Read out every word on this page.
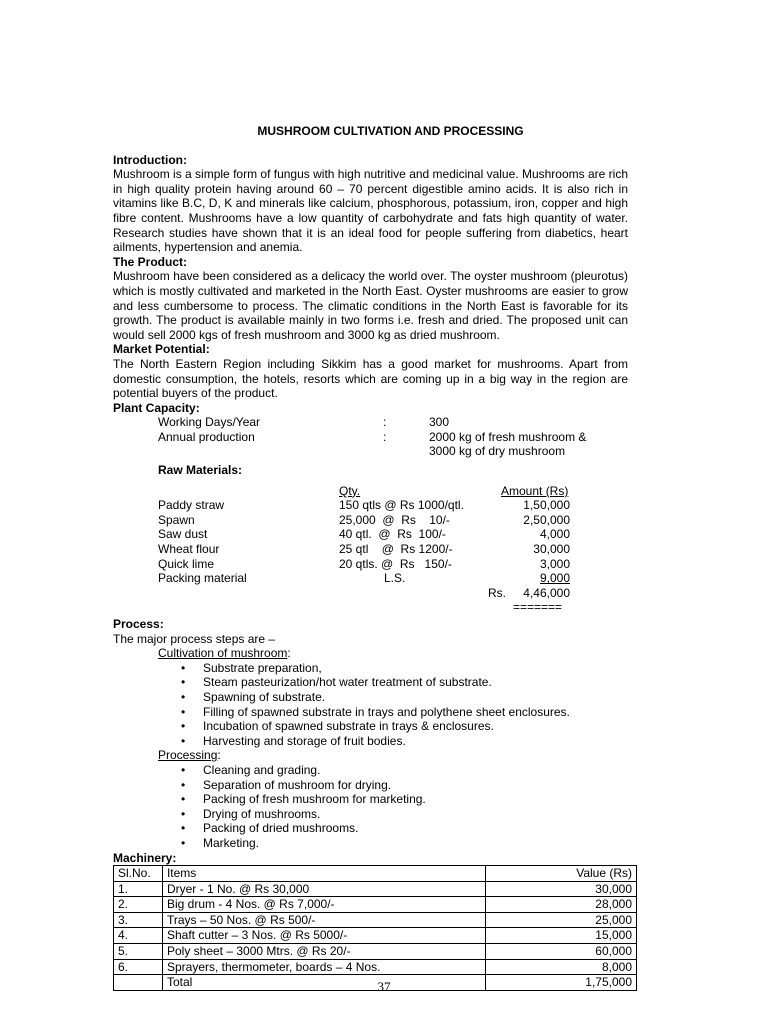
MUSHROOM CULTIVATION AND PROCESSING
Introduction:
Mushroom is a simple form of fungus with high nutritive and medicinal value. Mushrooms are rich in high quality protein having around 60 – 70 percent digestible amino acids. It is also rich in vitamins like B.C, D, K and minerals like calcium, phosphorous, potassium, iron, copper and high fibre content. Mushrooms have a low quantity of carbohydrate and fats high quantity of water. Research studies have shown that it is an ideal food for people suffering from diabetics, heart ailments, hypertension and anemia.
The Product:
Mushroom have been considered as a delicacy the world over. The oyster mushroom (pleurotus) which is mostly cultivated and marketed in the North East. Oyster mushrooms are easier to grow and less cumbersome to process. The climatic conditions in the North East is favorable for its growth. The product is available mainly in two forms i.e. fresh and dried. The proposed unit can would sell 2000 kgs of fresh mushroom and 3000 kg as dried mushroom.
Market Potential:
The North Eastern Region including Sikkim has a good market for mushrooms. Apart from domestic consumption, the hotels, resorts which are coming up in a big way in the region are potential buyers of the product.
Plant Capacity:
Working Days/Year	:	300
Annual production	:	2000 kg of fresh mushroom &
3000 kg of dry mushroom
Raw Materials:
Qty.	Amount (Rs)
Paddy straw	150 qtls @ Rs 1000/qtl.	1,50,000
Spawn	25,000  @  Rs    10/-	2,50,000
Saw dust	40 qtl.  @  Rs  100/-	4,000
Wheat flour	25 qtl    @  Rs 1200/-	30,000
Quick lime	20 qtls. @  Rs   150/-	3,000
Packing material	L.S.	9,000
Rs.	4,46,000
=======
Process:
The major process steps are –
Cultivation of mushroom:
• Substrate preparation,
• Steam pasteurization/hot water treatment of substrate.
• Spawning of substrate.
• Filling of spawned substrate in trays and polythene sheet enclosures.
• Incubation of spawned substrate in trays & enclosures.
• Harvesting and storage of fruit bodies.
Processing:
• Cleaning and grading.
• Separation of mushroom for drying.
• Packing of fresh mushroom for marketing.
• Drying of mushrooms.
• Packing of dried mushrooms.
• Marketing.
Machinery:
Sl.No.	Items	Value (Rs)
1.	Dryer - 1 No. @ Rs 30,000	30,000
2.	Big drum - 4 Nos. @ Rs 7,000/-	28,000
3.	Trays – 50 Nos. @ Rs 500/-	25,000
4.	Shaft cutter – 3 Nos. @ Rs 5000/-	15,000
5.	Poly sheet – 3000 Mtrs. @ Rs 20/-	60,000
6.	Sprayers, thermometer, boards – 4 Nos.	8,000
	Total	1,75,000
37
